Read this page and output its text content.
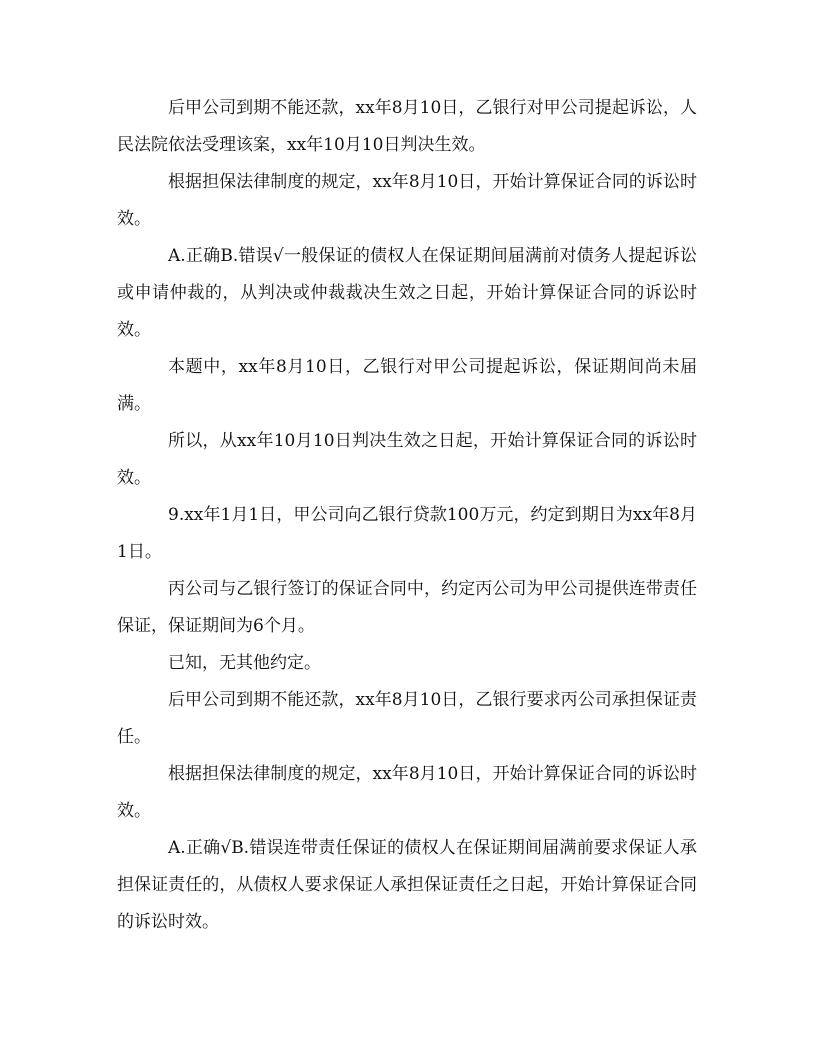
后甲公司到期不能还款，xx年8月10日，乙银行对甲公司提起诉讼，人民法院依法受理该案，xx年10月10日判决生效。

根据担保法律制度的规定，xx年8月10日，开始计算保证合同的诉讼时效。

A.正确B.错误√一般保证的债权人在保证期间届满前对债务人提起诉讼或申请仲裁的，从判决或仲裁裁决生效之日起，开始计算保证合同的诉讼时效。

本题中，xx年8月10日，乙银行对甲公司提起诉讼，保证期间尚未届满。

所以，从xx年10月10日判决生效之日起，开始计算保证合同的诉讼时效。

9.xx年1月1日，甲公司向乙银行贷款100万元，约定到期日为xx年8月1日。

丙公司与乙银行签订的保证合同中，约定丙公司为甲公司提供连带责任保证，保证期间为6个月。

已知，无其他约定。

后甲公司到期不能还款，xx年8月10日，乙银行要求丙公司承担保证责任。

根据担保法律制度的规定，xx年8月10日，开始计算保证合同的诉讼时效。

A.正确√B.错误连带责任保证的债权人在保证期间届满前要求保证人承担保证责任的，从债权人要求保证人承担保证责任之日起，开始计算保证合同的诉讼时效。
